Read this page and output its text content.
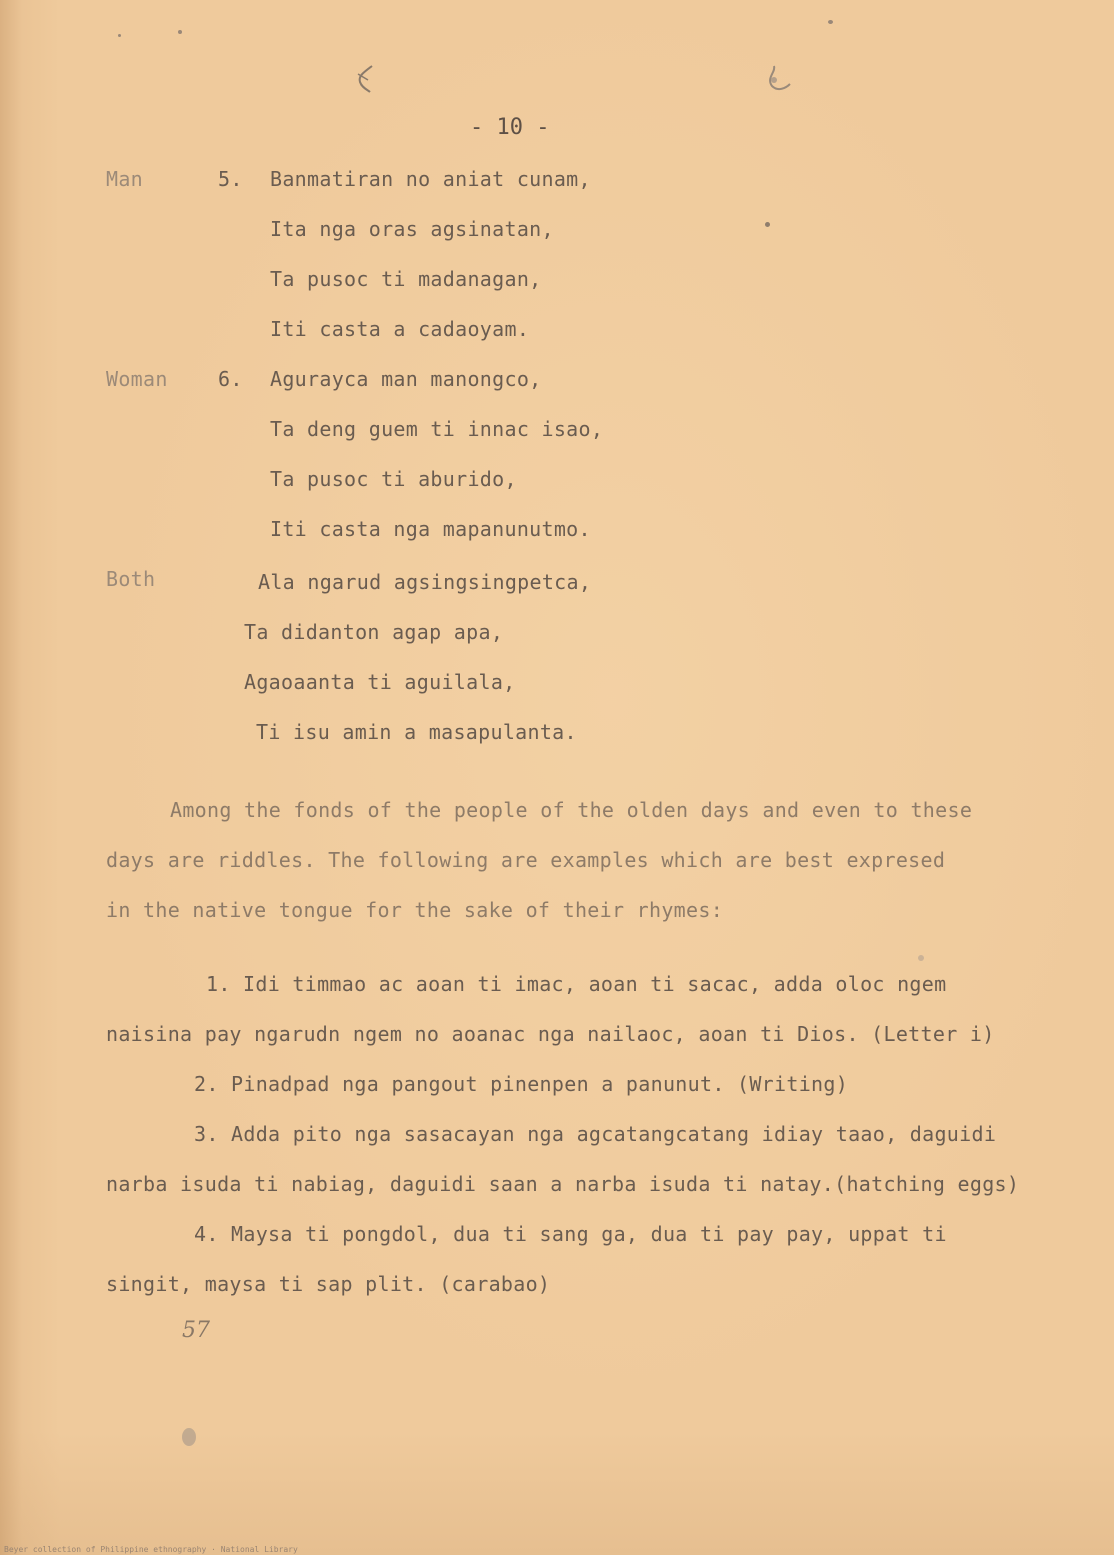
- 10 -
Man	5. Banmatiran no aniat cunam,
Ita nga oras agsinatan,
Ta pusoc ti madanagan,
Iti casta a cadaoyam.
Woman	6. Agurayca man manongco,
Ta deng guem ti innac isao,
Ta pusoc ti aburido,
Iti casta nga mapanunutmo.
Both	Ala ngarud agsingsingpetca,
Ta didanton agap apa,
Agaoaanta ti aguilala,
Ti isu amin a masapulanta.
Among the fonds of the people of the olden days and even to these
days are riddles. The following are examples which are best expresed
in the native tongue for the sake of their rhymes:
1. Idi timmao ac aoan ti imac, aoan ti sacac, adda oloc ngem
naisina pay ngarudn ngem no aoanac nga nailaoc, aoan ti Dios. (Letter i)
2. Pinadpad nga pangout pinenpen a panunut. (Writing)
3. Adda pito nga sasacayan nga agcatangcatang idiay taao, daguidi
narba isuda ti nabiag, daguidi saan a narba isuda ti natay.(hatching eggs)
4. Maysa ti pongdol, dua ti sang ga, dua ti pay pay, uppat ti
singit, maysa ti sap plit. (carabao)
57
Beyer collection of Philippine ethnography · National Library
